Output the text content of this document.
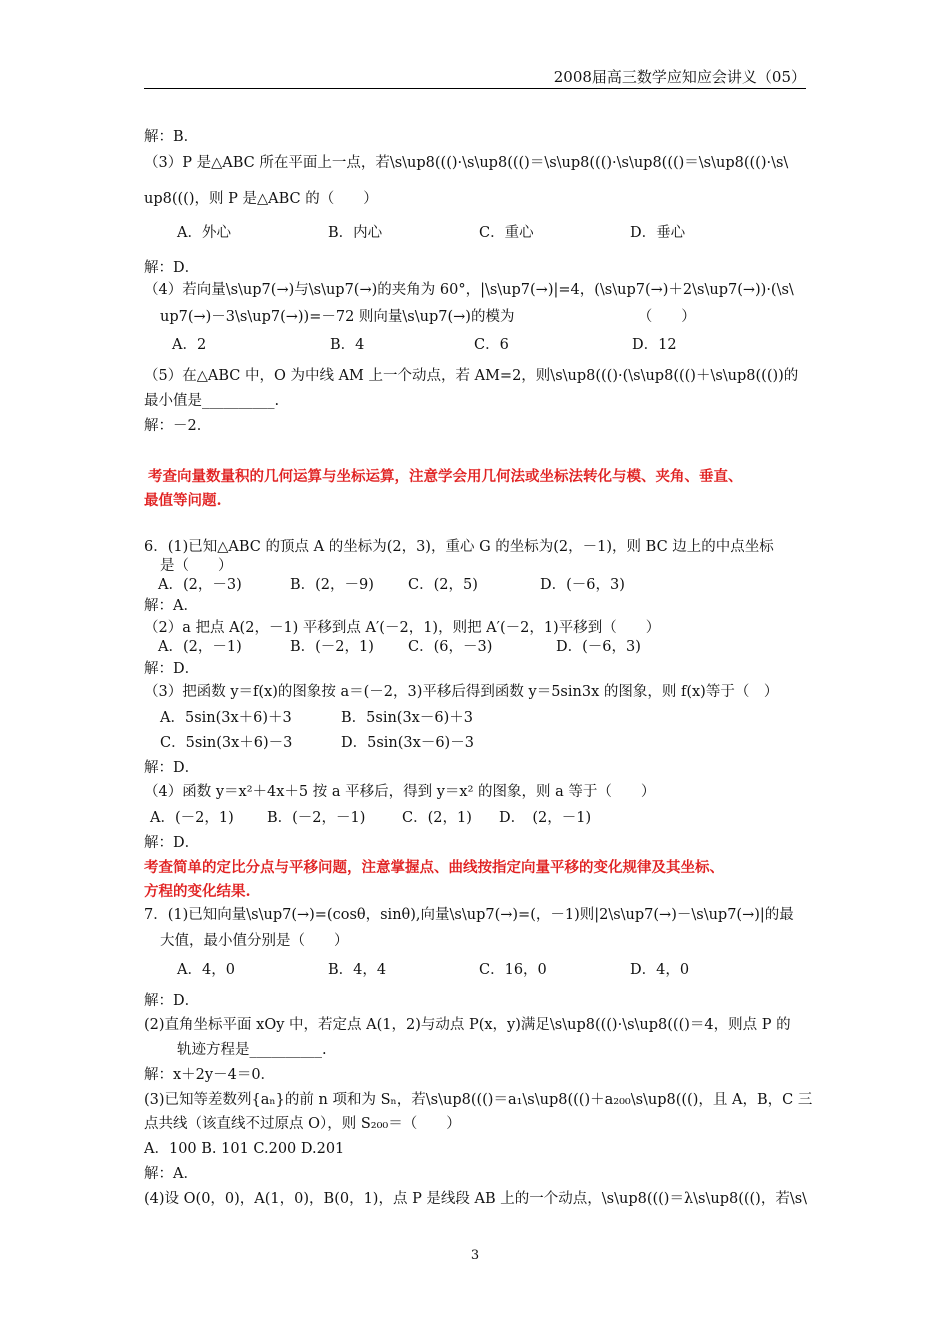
2008届高三数学应知应会讲义（05）
解：B．
（3）P 是△ABC 所在平面上一点，若\s\up8((()·\s\up8((()＝\s\up8((()·\s\up8((()＝\s\up8((()·\s\
up8((()，则 P 是△ABC 的（　　）
A．外心	B．内心	C．重心	D．垂心
解：D．
（4）若向量\s\up7(→)与\s\up7(→)的夹角为 60°，|\s\up7(→)|=4，(\s\up7(→)＋2\s\up7(→))·(\s\
up7(→)－3\s\up7(→))=－72 则向量\s\up7(→)的模为　　　　　　　　　（　　）
A．2	B．4	C．6	D．12
（5）在△ABC 中，O 为中线 AM 上一个动点，若 AM=2，则\s\up8((()·(\s\up8((()＋\s\up8((())的
最小值是__________.
解：－2．
考查向量数量积的几何运算与坐标运算，注意学会用几何法或坐标法转化与模、夹角、垂直、
最值等问题.
6．(1)已知△ABC 的顶点 A 的坐标为(2，3)，重心 G 的坐标为(2，－1)，则 BC 边上的中点坐标
是（　　）
A．(2，－3)	B．(2，－9) C．(2，5)	D．(－6，3)
解：A．
（2）a 把点 A(2，－1) 平移到点 A′(－2，1)，则把 A′(－2，1)平移到（　　）
A．(2，－1)	B．(－2，1) C．(6，－3)	D．(－6，3)
解：D．
（3）把函数 y＝f(x)的图象按 a＝(－2，3)平移后得到函数 y＝5sin3x 的图象，则 f(x)等于（　）
A．5sin(3x＋6)＋3	B．5sin(3x－6)＋3
C．5sin(3x＋6)－3	D．5sin(3x－6)－3
解：D．
（4）函数 y＝x²＋4x＋5 按 a 平移后，得到 y＝x² 的图象，则 a 等于（　　）
A．(－2，1) B．(－2，－1)	C．(2，1) D．　(2，－1)
解：D．
考查简单的定比分点与平移问题，注意掌握点、曲线按指定向量平移的变化规律及其坐标、
方程的变化结果.
7．(1)已知向量\s\up7(→)=(cosθ，sinθ),向量\s\up7(→)=(，－1)则|2\s\up7(→)－\s\up7(→)|的最
大值，最小值分别是（　　）
A．4，0	B．4，4	C．16，0	D．4，0
解：D．
(2)直角坐标平面 xOy 中，若定点 A(1，2)与动点 P(x，y)满足\s\up8((()·\s\up8((()＝4，则点 P 的
轨迹方程是__________.
解：x＋2y－4＝0．
(3)已知等差数列{aₙ}的前 n 项和为 Sₙ，若\s\up8((()＝a₁\s\up8((()＋a₂₀₀\s\up8((()，且 A，B，C 三
点共线（该直线不过原点 O），则 S₂₀₀＝（　　）
A．100 B. 101 C.200 D.201
解：A．
(4)设 O(0，0)，A(1，0)，B(0，1)，点 P 是线段 AB 上的一个动点，\s\up8((()＝λ\s\up8((()，若\s\
3
